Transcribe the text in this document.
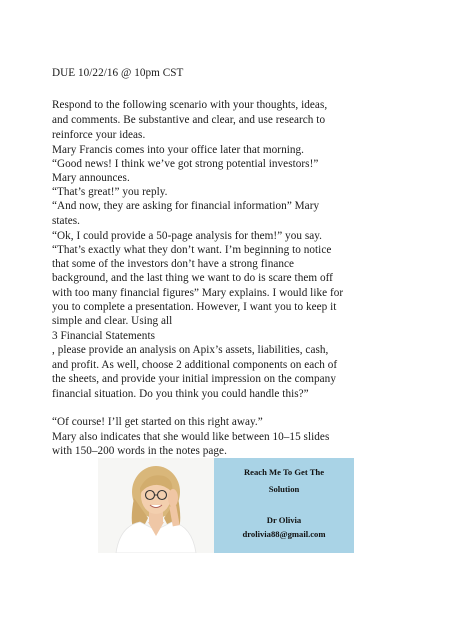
DUE 10/22/16 @ 10pm CST
Respond to the following scenario with your thoughts, ideas,
and comments. Be substantive and clear, and use research to
reinforce your ideas.
Mary Francis comes into your office later that morning.
“Good news! I think we’ve got strong potential investors!”
Mary announces.
“That’s great!” you reply.
“And now, they are asking for financial information” Mary
states.
“Ok, I could provide a 50-page analysis for them!” you say.
“That’s exactly what they don’t want. I’m beginning to notice
that some of the investors don’t have a strong finance
background, and the last thing we want to do is scare them off
with too many financial figures” Mary explains. I would like for
you to complete a presentation. However, I want you to keep it
simple and clear. Using all
3 Financial Statements
, please provide an analysis on Apix’s assets, liabilities, cash,
and profit. As well, choose 2 additional components on each of
the sheets, and provide your initial impression on the company
financial situation. Do you think you could handle this?”
“Of course! I’ll get started on this right away.”
Mary also indicates that she would like between 10–15 slides
with 150–200 words in the notes page.
Reach Me To Get The
Solution
Dr Olivia
drolivia88@gmail.com
